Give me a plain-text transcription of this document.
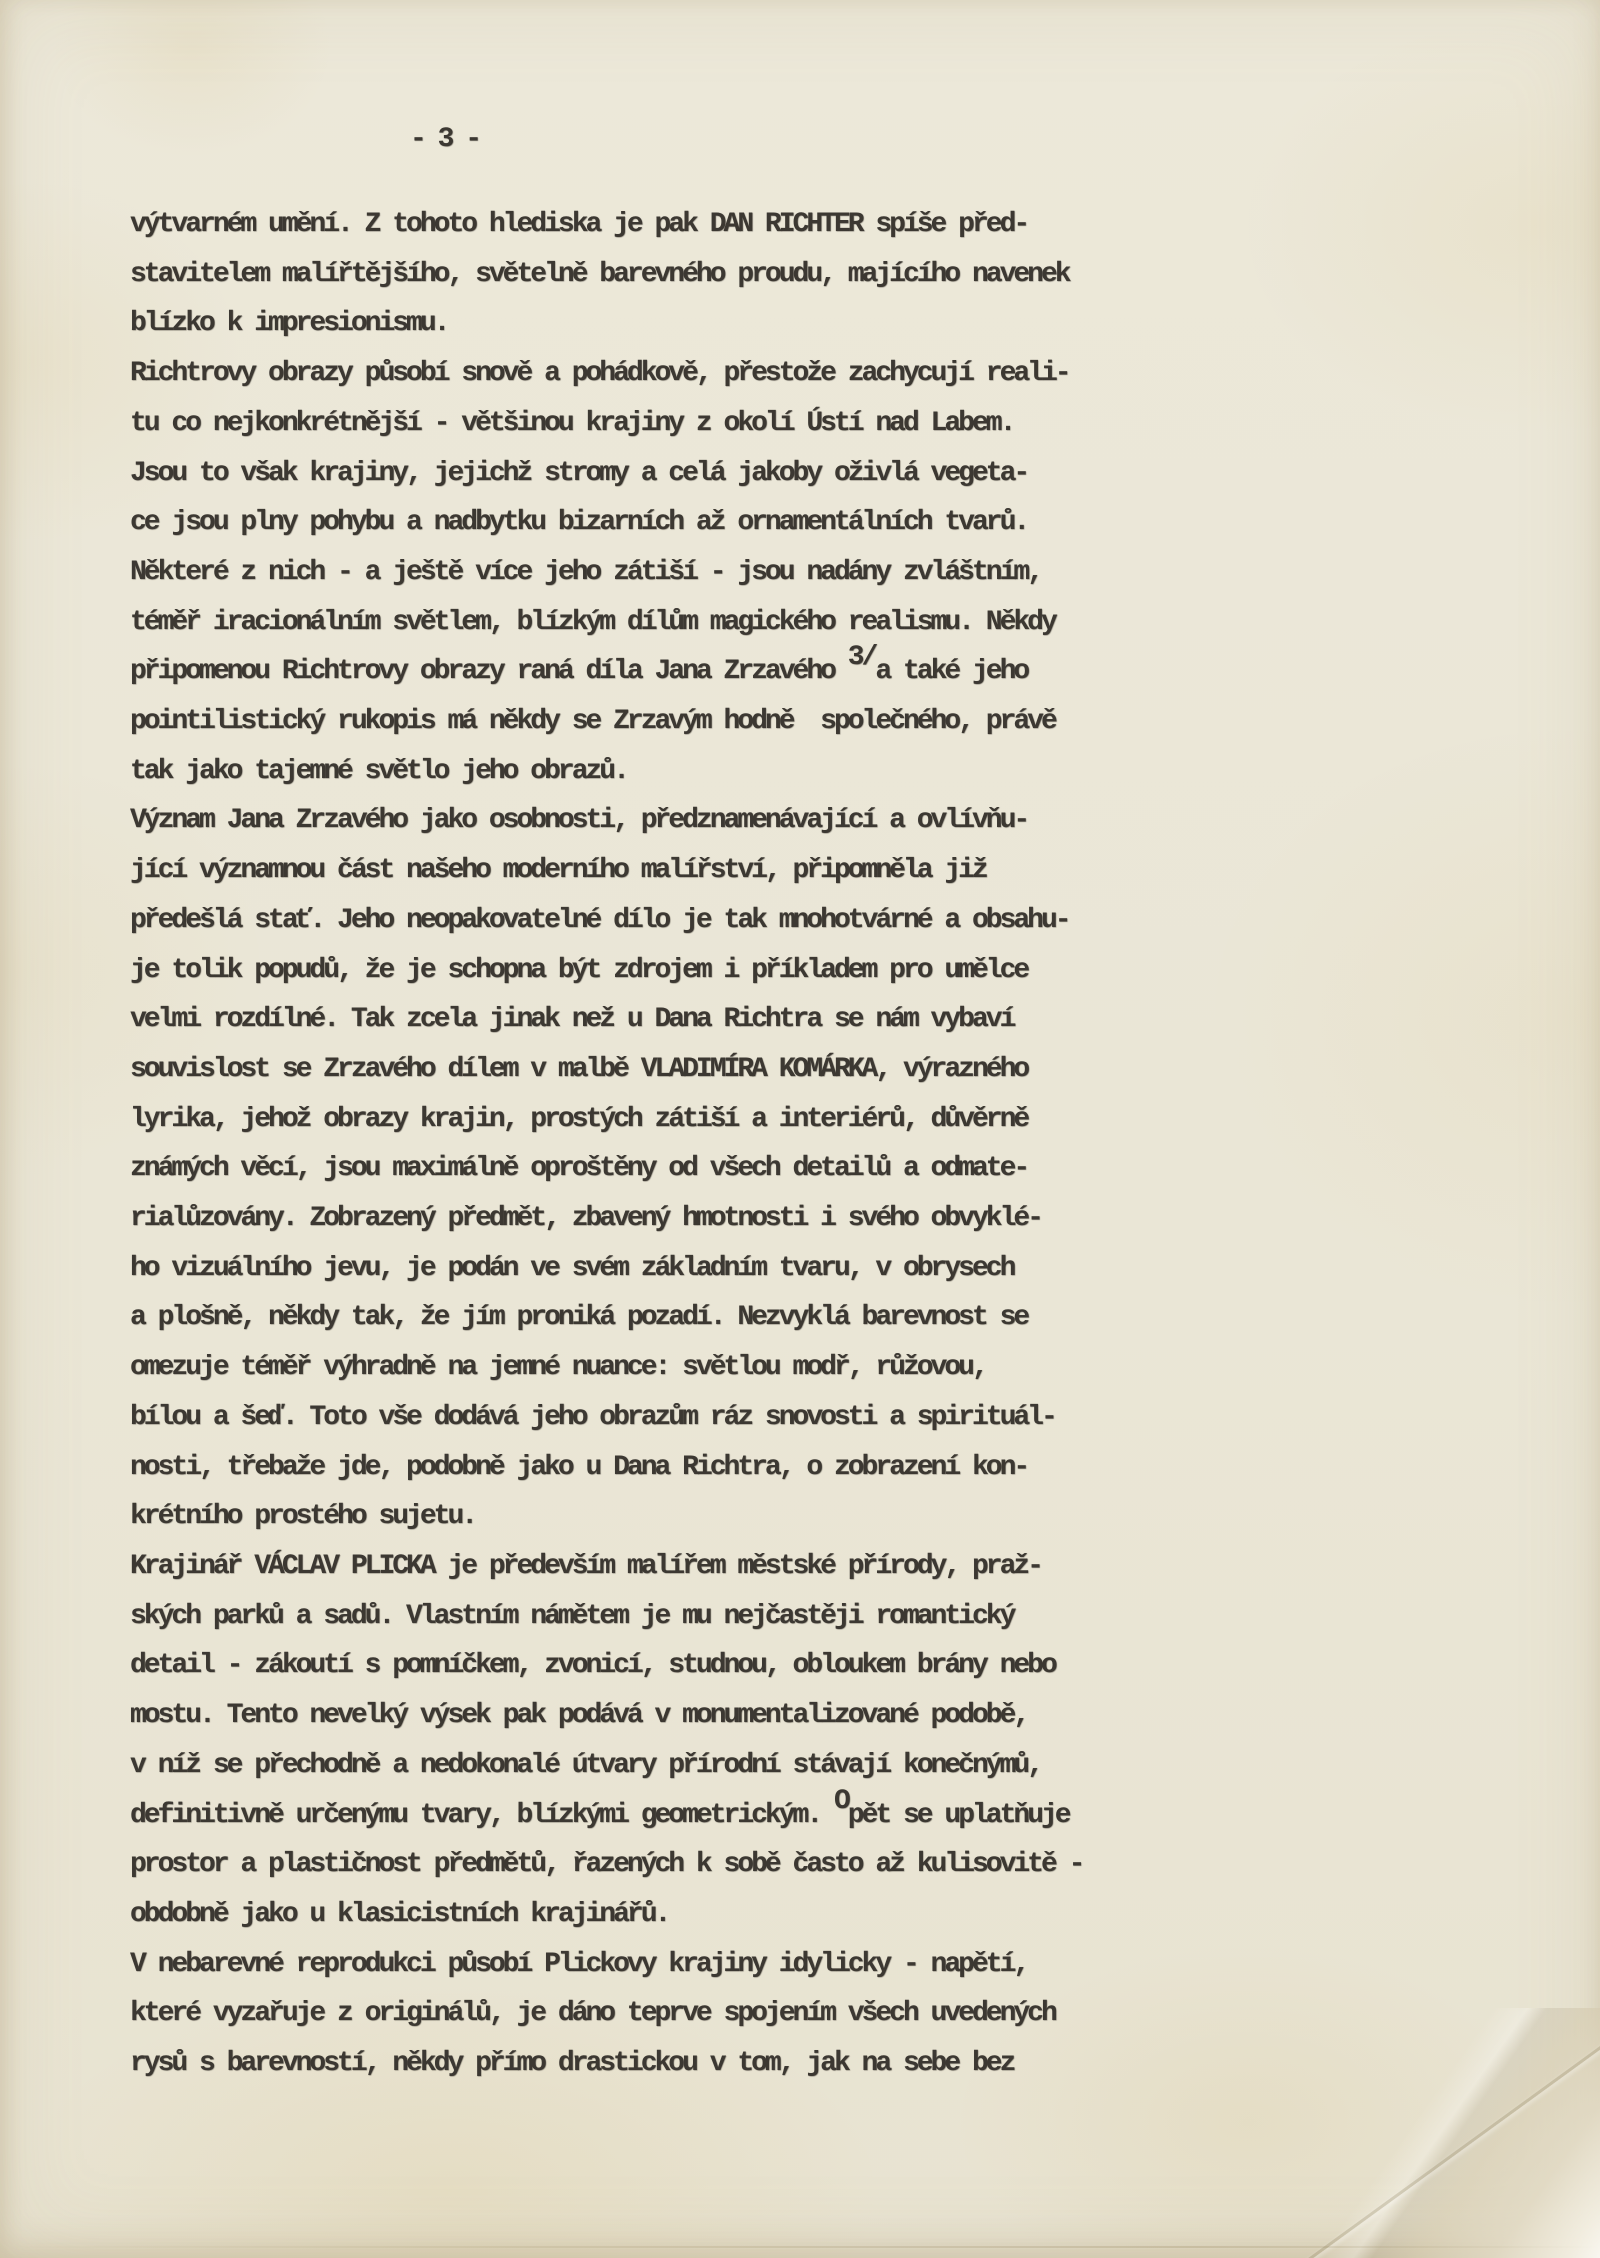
- 3 -
výtvarném umění. Z tohoto hlediska je pak DAN RICHTER spíše před-
stavitelem malířtějšího, světelně barevného proudu, majícího navenek
blízko k impresionismu.
Richtrovy obrazy působí snově a pohádkově, přestože zachycují reali-
tu co nejkonkrétnější - většinou krajiny z okolí Ústí nad Labem.
Jsou to však krajiny, jejichž stromy a celá jakoby oživlá vegeta-
ce jsou plny pohybu a nadbytku bizarních až ornamentálních tvarů.
Některé z nich - a ještě více jeho zátiší - jsou nadány zvláštním,
téměř iracionálním světlem, blízkým dílům magického realismu. Někdy
připomenou Richtrovy obrazy raná díla Jana Zrzavého 3/a také jeho
pointilistický rukopis má někdy se Zrzavým hodně  společného, právě
tak jako tajemné světlo jeho obrazů.
Význam Jana Zrzavého jako osobnosti, předznamenávající a ovlívňu-
jící významnou část našeho moderního malířství, připomněla již
předešlá stať. Jeho neopakovatelné dílo je tak mnohotvárné a obsahu-
je tolik popudů, že je schopna být zdrojem i příkladem pro umělce
velmi rozdílné. Tak zcela jinak než u Dana Richtra se nám vybaví
souvislost se Zrzavého dílem v malbě VLADIMÍRA KOMÁRKA, výrazného
lyrika, jehož obrazy krajin, prostých zátiší a interiérů, důvěrně
známých věcí, jsou maximálně oproštěny od všech detailů a odmate-
rialůzovány. Zobrazený předmět, zbavený hmotnosti i svého obvyklé-
ho vizuálního jevu, je podán ve svém základním tvaru, v obrysech
a plošně, někdy tak, že jím proniká pozadí. Nezvyklá barevnost se
omezuje téměř výhradně na jemné nuance: světlou modř, růžovou,
bílou a šeď. Toto vše dodává jeho obrazům ráz snovosti a spirituál-
nosti, třebaže jde, podobně jako u Dana Richtra, o zobrazení kon-
krétního prostého sujetu.
Krajinář VÁCLAV PLICKA je především malířem městské přírody, praž-
ských parků a sadů. Vlastním námětem je mu nejčastěji romantický
detail - zákoutí s pomníčkem, zvonicí, studnou, obloukem brány nebo
mostu. Tento nevelký výsek pak podává v monumentalizované podobě,
v níž se přechodně a nedokonalé útvary přírodní stávají konečnýmů,
definitivně určenýmu tvary, blízkými geometrickým. Opět se uplatňuje
prostor a plastičnost předmětů, řazených k sobě často až kulisovitě -
obdobně jako u klasicistních krajinářů.
V nebarevné reprodukci působí Plickovy krajiny idylicky - napětí,
které vyzařuje z originálů, je dáno teprve spojením všech uvedených
rysů s barevností, někdy přímo drastickou v tom, jak na sebe bez
